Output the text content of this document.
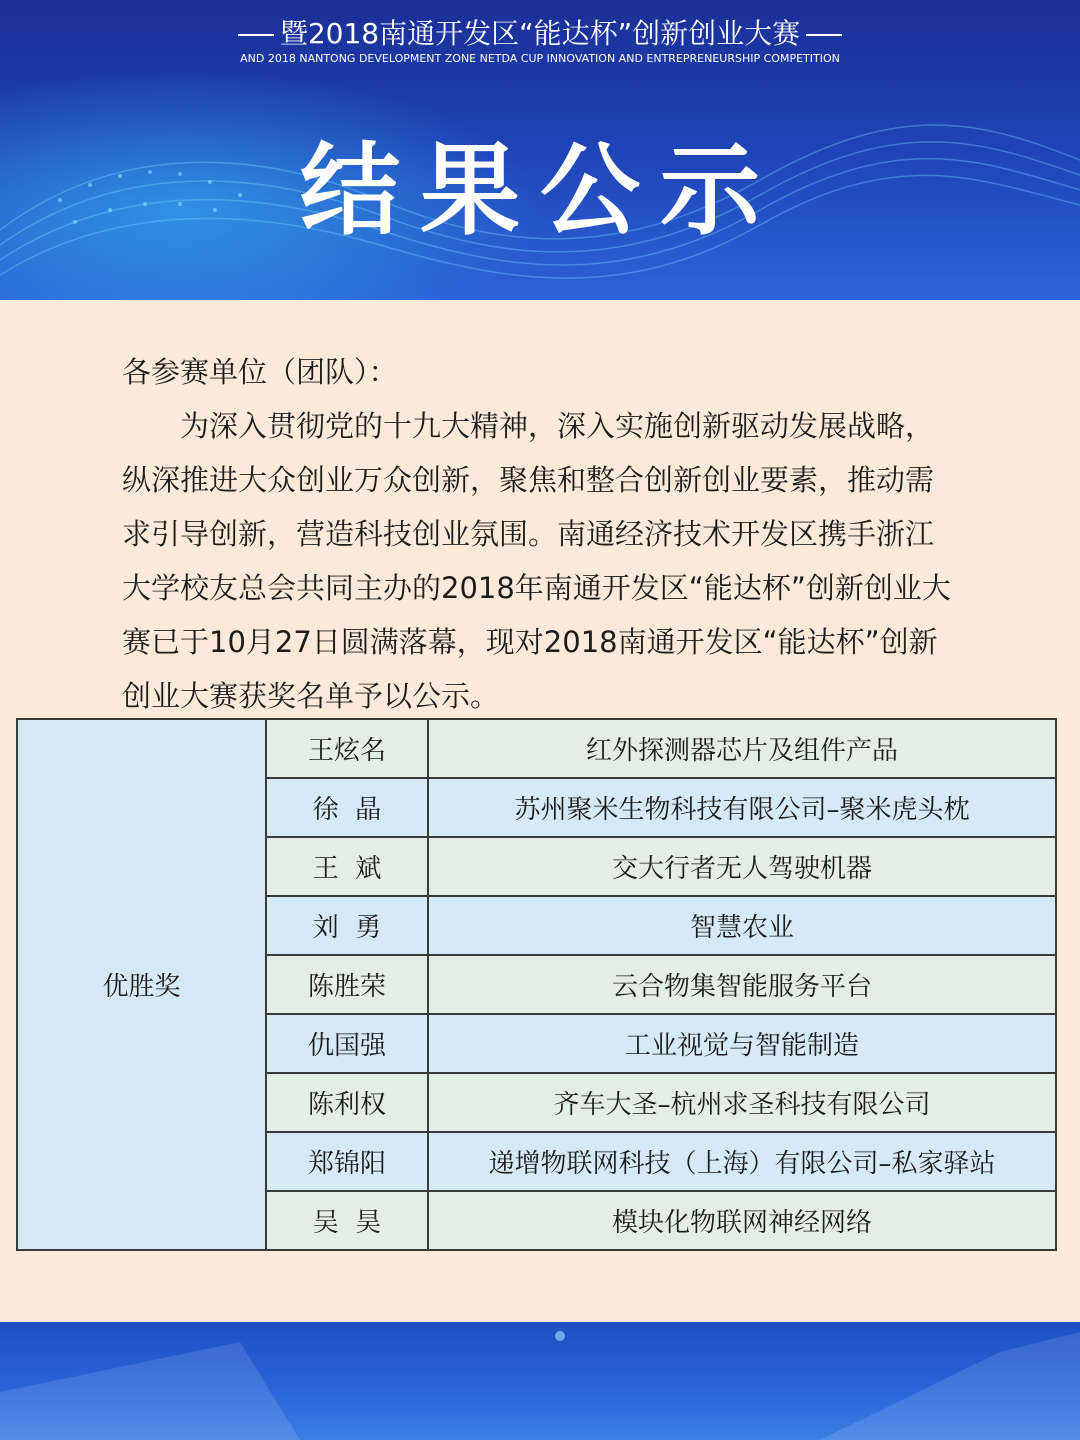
暨2018南通开发区“能达杯”创新创业大赛
AND 2018 NANTONG DEVELOPMENT ZONE NETDA CUP INNOVATION AND ENTREPRENEURSHIP COMPETITION
结果公示
各参赛单位（团队）：
为深入贯彻党的十九大精神，深入实施创新驱动发展战略，纵深推进大众创业万众创新，聚焦和整合创新创业要素，推动需求引导创新，营造科技创业氛围。南通经济技术开发区携手浙江大学校友总会共同主办的2018年南通开发区“能达杯”创新创业大赛已于10月27日圆满落幕，现对2018南通开发区“能达杯”创新创业大赛获奖名单予以公示。
优胜奖	王炫名	红外探测器芯片及组件产品
	徐  晶	苏州聚米生物科技有限公司–聚米虎头枕
	王  斌	交大行者无人驾驶机器
	刘  勇	智慧农业
	陈胜荣	云合物集智能服务平台
	仇国强	工业视觉与智能制造
	陈利权	齐车大圣–杭州求圣科技有限公司
	郑锦阳	递增物联网科技（上海）有限公司–私家驿站
	吴  昊	模块化物联网神经网络
